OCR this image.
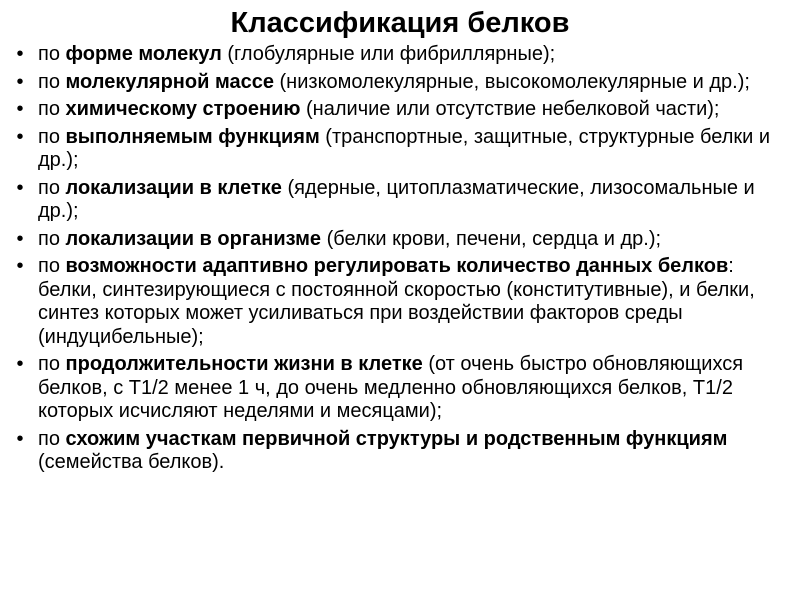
Классификация белков
• по форме молекул (глобулярные или фибриллярные);
• по молекулярной массе (низкомолекулярные, высокомолекулярные и др.);
• по химическому строению (наличие или отсутствие небелковой части);
• по выполняемым функциям (транспортные, защитные, структурные белки и др.);
• по локализации в клетке (ядерные, цитоплазматические, лизосомальные и др.);
• по локализации в организме (белки крови, печени, сердца и др.);
• по возможности адаптивно регулировать количество данных белков: белки, синтезирующиеся с постоянной скоростью (конститутивные), и белки, синтез которых может усиливаться при воздействии факторов среды (индуцибельные);
• по продолжительности жизни в клетке (от очень быстро обновляющихся белков, с T1/2 менее 1 ч, до очень медленно обновляющихся белков, T1/2 которых исчисляют неделями и месяцами);
• по схожим участкам первичной структуры и родственным функциям (семейства белков).
